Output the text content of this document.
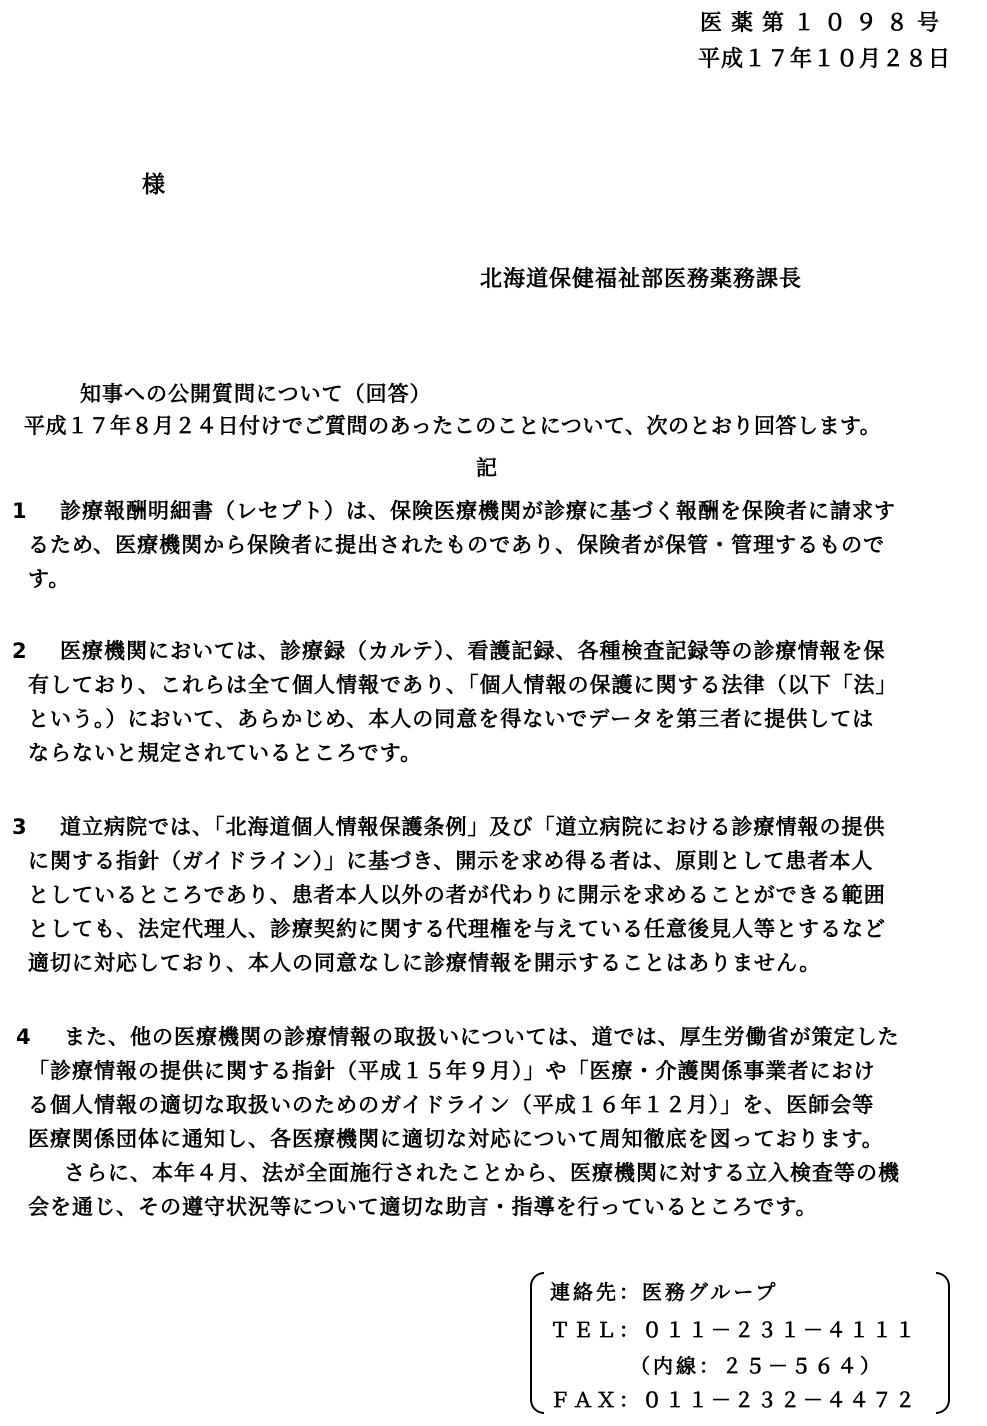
医薬第１０９８号
平成１７年１０月２８日
様
北海道保健福祉部医務薬務課長
知事への公開質問について（回答）
平成１７年８月２４日付けでご質問のあったこのことについて、次のとおり回答します。
記
1 診療報酬明細書（レセプト）は、保険医療機関が診療に基づく報酬を保険者に請求す
るため、医療機関から保険者に提出されたものであり、保険者が保管・管理するもので
す。
2 医療機関においては、診療録（カルテ）、看護記録、各種検査記録等の診療情報を保
有しており、これらは全て個人情報であり、「個人情報の保護に関する法律（以下「法」
という。）において、あらかじめ、本人の同意を得ないでデータを第三者に提供しては
ならないと規定されているところです。
3 道立病院では、「北海道個人情報保護条例」及び「道立病院における診療情報の提供
に関する指針（ガイドライン）」に基づき、開示を求め得る者は、原則として患者本人
としているところであり、患者本人以外の者が代わりに開示を求めることができる範囲
としても、法定代理人、診療契約に関する代理権を与えている任意後見人等とするなど
適切に対応しており、本人の同意なしに診療情報を開示することはありません。
4 また、他の医療機関の診療情報の取扱いについては、道では、厚生労働省が策定した
「診療情報の提供に関する指針（平成１５年９月）」や「医療・介護関係事業者におけ
る個人情報の適切な取扱いのためのガイドライン（平成１６年１２月）」を、医師会等
医療関係団体に通知し、各医療機関に適切な対応について周知徹底を図っております。
さらに、本年４月、法が全面施行されたことから、医療機関に対する立入検査等の機
会を通じ、その遵守状況等について適切な助言・指導を行っているところです。
連絡先：医務グループ
ＴＥＬ：０１１－２３１－４１１１
（内線：２５－５６４）
ＦＡＸ：０１１－２３２－４４７２
